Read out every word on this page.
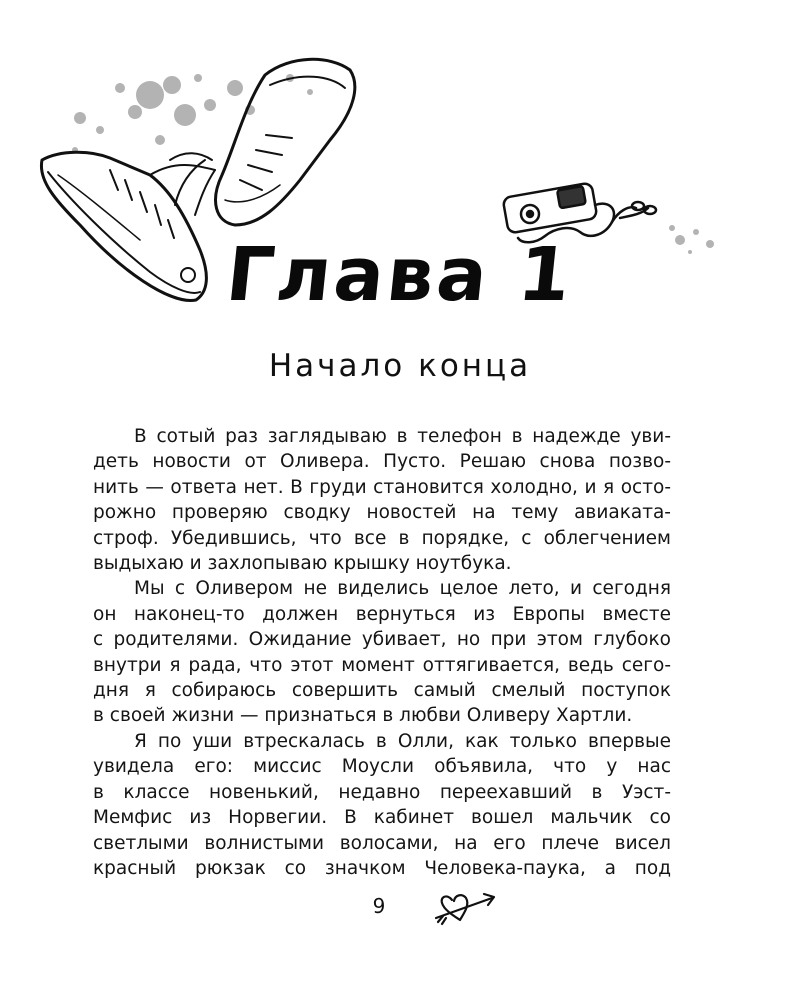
Глава 1
Начало конца

В сотый раз заглядываю в телефон в надежде уви-
деть новости от Оливера. Пусто. Решаю снова позво-
нить — ответа нет. В груди становится холодно, и я осто-
рожно проверяю сводку новостей на тему авиаката-
строф. Убедившись, что все в порядке, с облегчением
выдыхаю и захлопываю крышку ноутбука.

Мы с Оливером не виделись целое лето, и сегодня
он наконец-то должен вернуться из Европы вместе
с родителями. Ожидание убивает, но при этом глубоко
внутри я рада, что этот момент оттягивается, ведь сего-
дня я собираюсь совершить самый смелый поступок
в своей жизни — признаться в любви Оливеру Хартли.

Я по уши втрескалась в Олли, как только впервые
увидела его: миссис Моусли объявила, что у нас
в классе новенький, недавно переехавший в Уэст-
Мемфис из Норвегии. В кабинет вошел мальчик со
светлыми волнистыми волосами, на его плече висел
красный рюкзак со значком Человека-паука, а под

9
